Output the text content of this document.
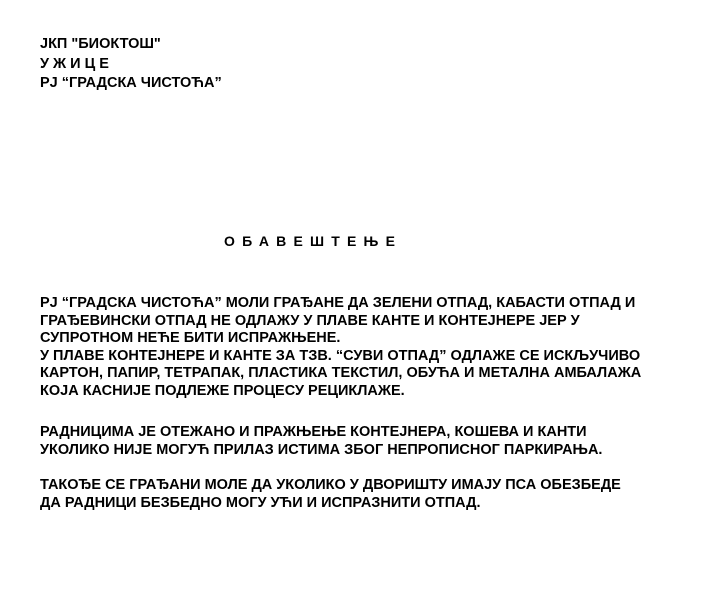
ЈКП "БИОКТОШ"
У Ж И Ц Е
РЈ “ГРАДСКА ЧИСТОЋА”
ОБАВЕШТЕЊЕ
РЈ “ГРАДСКА ЧИСТОЋА” МОЛИ ГРАЂАНЕ ДА ЗЕЛЕНИ ОТПАД, КАБАСТИ ОТПАД И
ГРАЂЕВИНСКИ ОТПАД НЕ ОДЛАЖУ У ПЛАВЕ КАНТЕ И КОНТЕЈНЕРЕ ЈЕР У
СУПРОТНОМ НЕЋЕ БИТИ ИСПРАЖЊЕНЕ.
У ПЛАВЕ КОНТЕЈНЕРЕ И КАНТЕ ЗА ТЗВ. “СУВИ ОТПАД” ОДЛАЖЕ СЕ ИСКЉУЧИВО
КАРТОН, ПАПИР, ТЕТРАПАК, ПЛАСТИКА ТЕКСТИЛ, ОБУЋА И МЕТАЛНА АМБАЛАЖА
КОЈА КАСНИЈЕ ПОДЛЕЖЕ ПРОЦЕСУ РЕЦИКЛАЖЕ.
РАДНИЦИМА ЈЕ ОТЕЖАНО И ПРАЖЊЕЊЕ КОНТЕЈНЕРА, КОШЕВА И КАНТИ
УКОЛИКО НИЈЕ МОГУЋ ПРИЛАЗ ИСТИМА ЗБОГ НЕПРОПИСНОГ ПАРКИРАЊА.
ТАКОЂЕ СЕ ГРАЂАНИ МОЛЕ ДА УКОЛИКО У ДВОРИШТУ ИМАЈУ ПСА ОБЕЗБЕДЕ
ДА РАДНИЦИ БЕЗБЕДНО МОГУ УЋИ И ИСПРАЗНИТИ ОТПАД.
